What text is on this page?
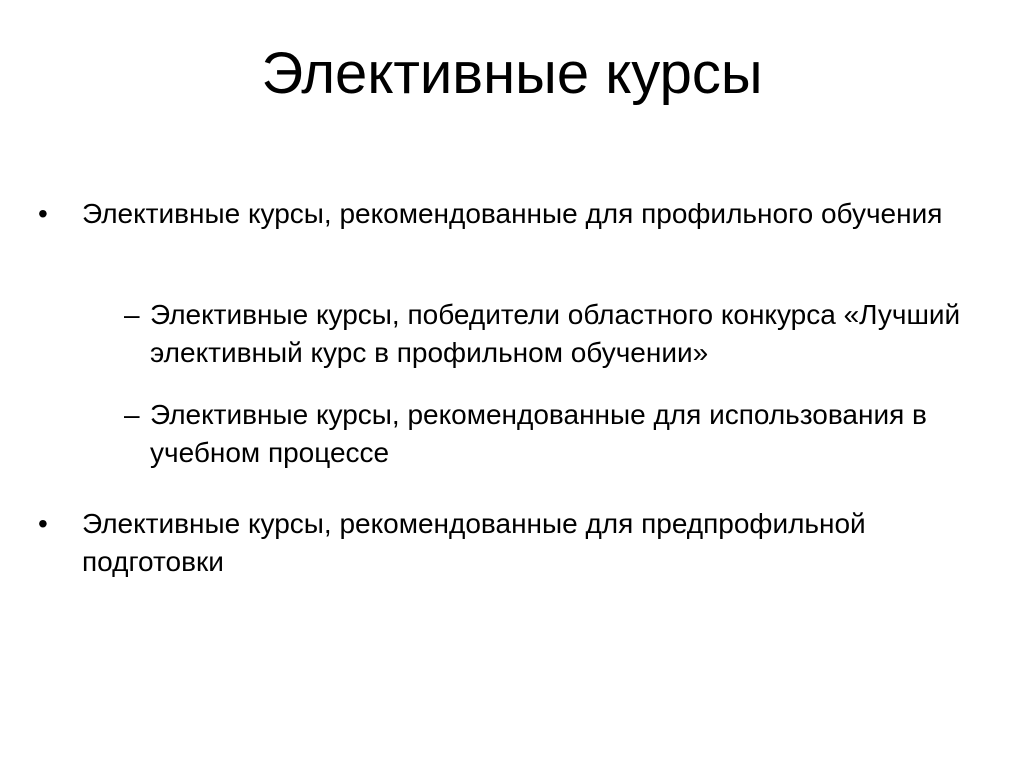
Элективные курсы
•	Элективные курсы, рекомендованные для профильного обучения
– Элективные курсы, победители областного конкурса «Лучший элективный курс в профильном обучении»
– Элективные курсы, рекомендованные для использования в учебном процессе
•	Элективные курсы, рекомендованные для предпрофильной подготовки
